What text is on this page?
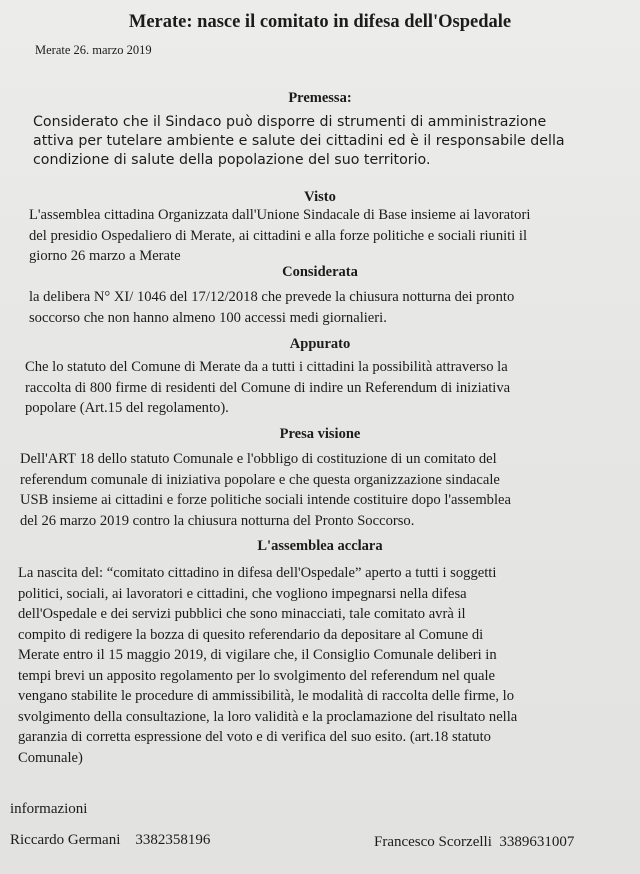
Merate: nasce il comitato in difesa dell'Ospedale
Merate 26. marzo 2019
Premessa:
Considerato che il Sindaco può disporre di strumenti di amministrazione
attiva per tutelare ambiente e salute dei cittadini ed è il responsabile della
condizione di salute della popolazione del suo territorio.
Visto
L'assemblea cittadina Organizzata dall'Unione Sindacale di Base insieme ai lavoratori
del presidio Ospedaliero di Merate, ai cittadini e alla forze politiche e sociali riuniti il
giorno 26 marzo a Merate
Considerata
la delibera N° XI/ 1046 del 17/12/2018 che prevede la chiusura notturna dei pronto
soccorso che non hanno almeno 100 accessi medi giornalieri.
Appurato
Che lo statuto del Comune di Merate da a tutti i cittadini la possibilità attraverso la
raccolta di 800 firme di residenti del Comune di indire un Referendum di iniziativa
popolare (Art.15 del regolamento).
Presa visione
Dell'ART 18 dello statuto Comunale e l'obbligo di costituzione di un comitato del
referendum comunale di iniziativa popolare e che questa organizzazione sindacale
USB insieme ai cittadini e forze politiche sociali intende costituire dopo l'assemblea
del 26 marzo 2019 contro la chiusura notturna del Pronto Soccorso.
L'assemblea acclara
La nascita del: “comitato cittadino in difesa dell'Ospedale” aperto a tutti i soggetti
politici, sociali, ai lavoratori e cittadini, che vogliono impegnarsi nella difesa
dell'Ospedale e dei servizi pubblici che sono minacciati, tale comitato avrà il
compito di redigere la bozza di quesito referendario da depositare al Comune di
Merate entro il 15 maggio 2019, di vigilare che, il Consiglio Comunale deliberi in
tempi brevi un apposito regolamento per lo svolgimento del referendum nel quale
vengano stabilite le procedure di ammissibilità, le modalità di raccolta delle firme, lo
svolgimento della consultazione, la loro validità e la proclamazione del risultato nella
garanzia di corretta espressione del voto e di verifica del suo esito. (art.18 statuto
Comunale)
informazioni
Riccardo Germani    3382358196	Francesco Scorzelli  3389631007
